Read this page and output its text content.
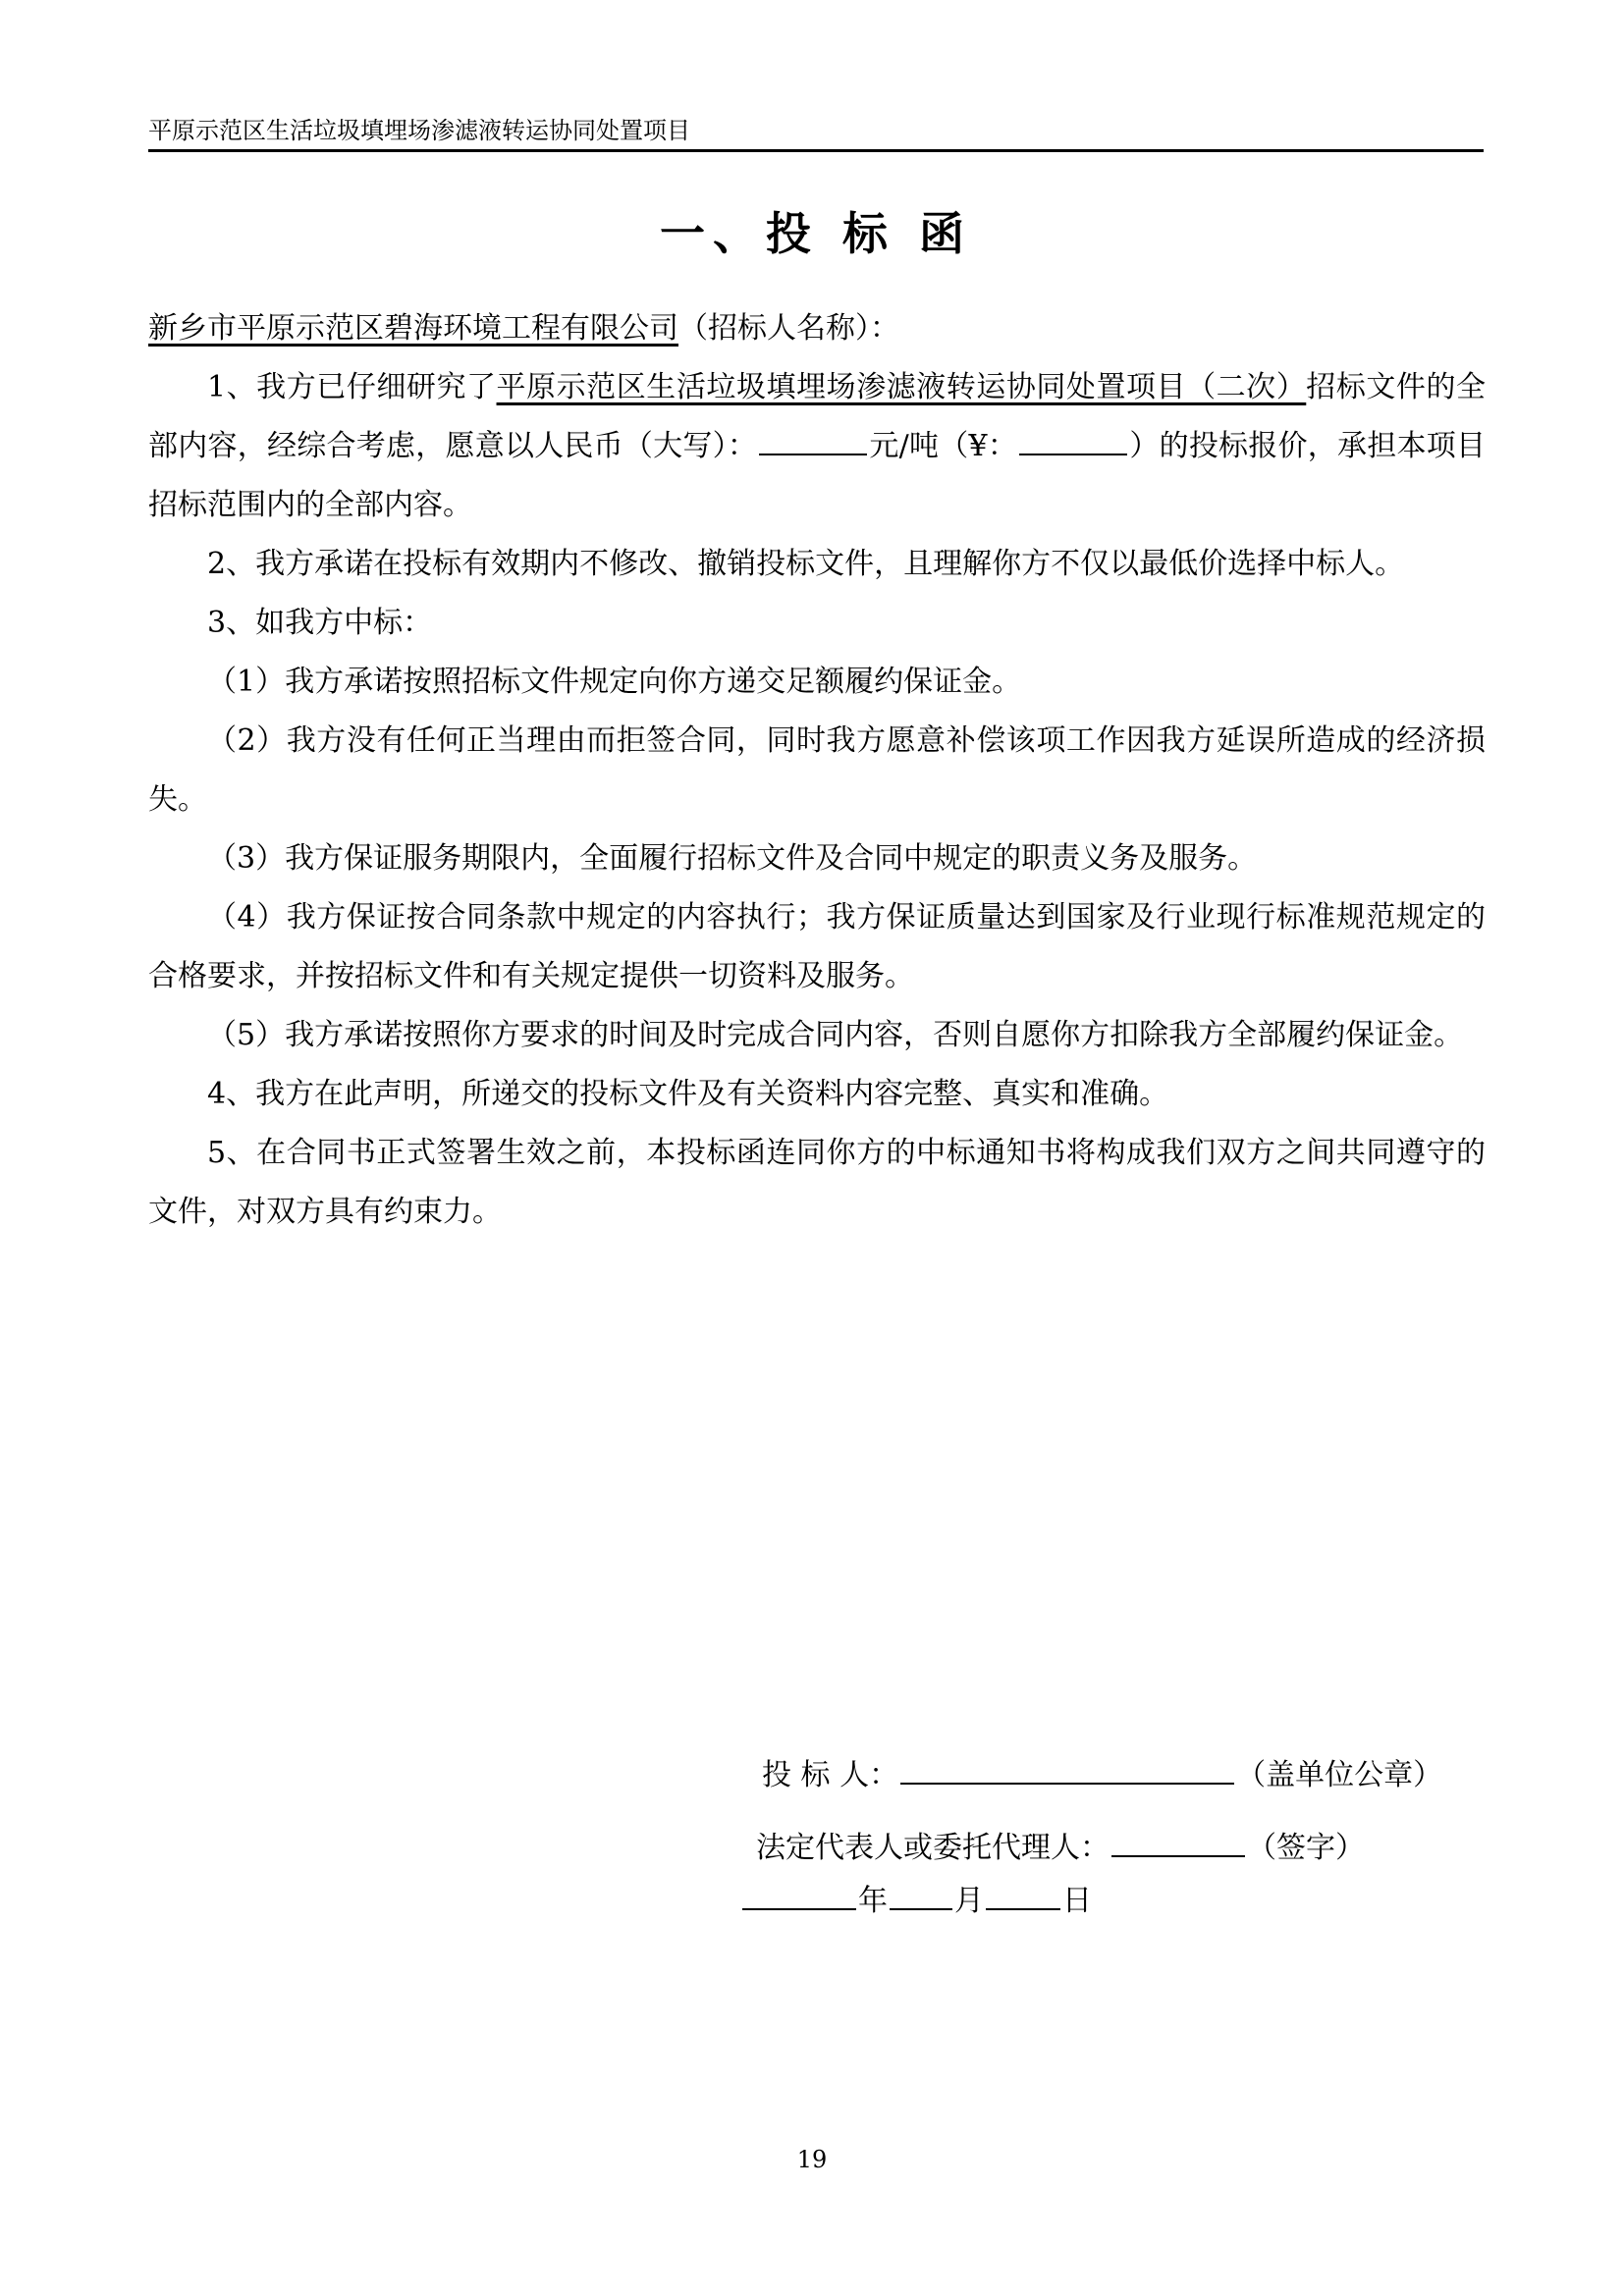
平原示范区生活垃圾填埋场渗滤液转运协同处置项目
一、投 标 函

新乡市平原示范区碧海环境工程有限公司（招标人名称）：

1、我方已仔细研究了平原示范区生活垃圾填埋场渗滤液转运协同处置项目（二次）招标文件的全部内容，经综合考虑，愿意以人民币（大写）：	元/吨（¥：	）的投标报价，承担本项目招标范围内的全部内容。

2、我方承诺在投标有效期内不修改、撤销投标文件，且理解你方不仅以最低价选择中标人。

3、如我方中标：

（1）我方承诺按照招标文件规定向你方递交足额履约保证金。

（2）我方没有任何正当理由而拒签合同，同时我方愿意补偿该项工作因我方延误所造成的经济损失。

（3）我方保证服务期限内，全面履行招标文件及合同中规定的职责义务及服务。

（4）我方保证按合同条款中规定的内容执行；我方保证质量达到国家及行业现行标准规范规定的合格要求，并按招标文件和有关规定提供一切资料及服务。

（5）我方承诺按照你方要求的时间及时完成合同内容，否则自愿你方扣除我方全部履约保证金。

4、我方在此声明，所递交的投标文件及有关资料内容完整、真实和准确。

5、在合同书正式签署生效之前，本投标函连同你方的中标通知书将构成我们双方之间共同遵守的文件，对双方具有约束力。

投 标 人：	（盖单位公章）
法定代表人或委托代理人：	（签字）
年 月	日
19
